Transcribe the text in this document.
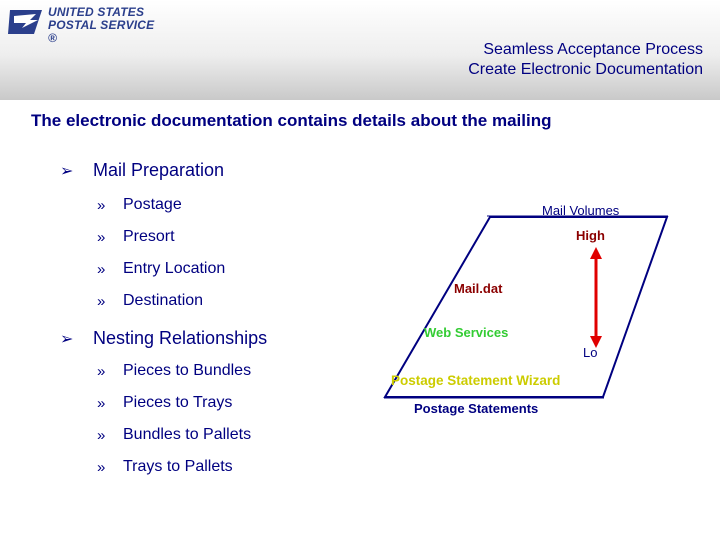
UNITED STATES
POSTAL SERVICE ®
Seamless Acceptance Process
Create Electronic Documentation
The electronic documentation contains details about the mailing
➢ Mail Preparation
» Postage
» Presort
» Entry Location
» Destination
➢ Nesting Relationships
» Pieces to Bundles
» Pieces to Trays
» Bundles to Pallets
» Trays to Pallets
Mail Volumes
High
Lo
Mail.dat
Web Services
Postage Statement Wizard
Postage Statements
